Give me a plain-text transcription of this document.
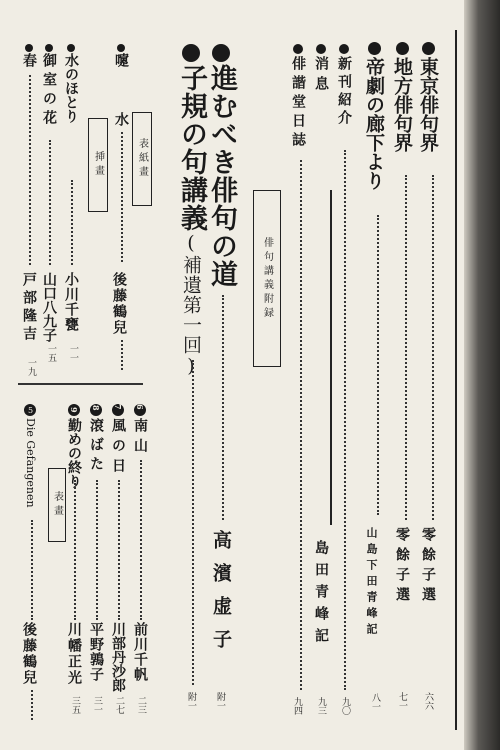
東京俳句界
零餘子選
六六
地方俳句界
零餘子選
七一
帝劇の廊下より
山島下田青峰記
八一
新刊紹介
九〇
消息
島田青峰記
九三
俳諧堂日誌
九四
俳句講義附録
進むべき俳句の道
高濱虚子
附一
子規の句講義(補遺第一回)
附一
嚔
表紙畫
挿畫
水
後藤鶴兒
水のほとり
小川千甕
一一
御室の花
山口八九子
一五
春
戸部隆吉
一九
6南山
前川千帆
二三
7風の日
川部丹沙郎
二七
8滾ばた
平野鶉子
三一
9勤めの終り
表畫
川幡正光
三五
5Die Gefangenen
後藤鶴兒
